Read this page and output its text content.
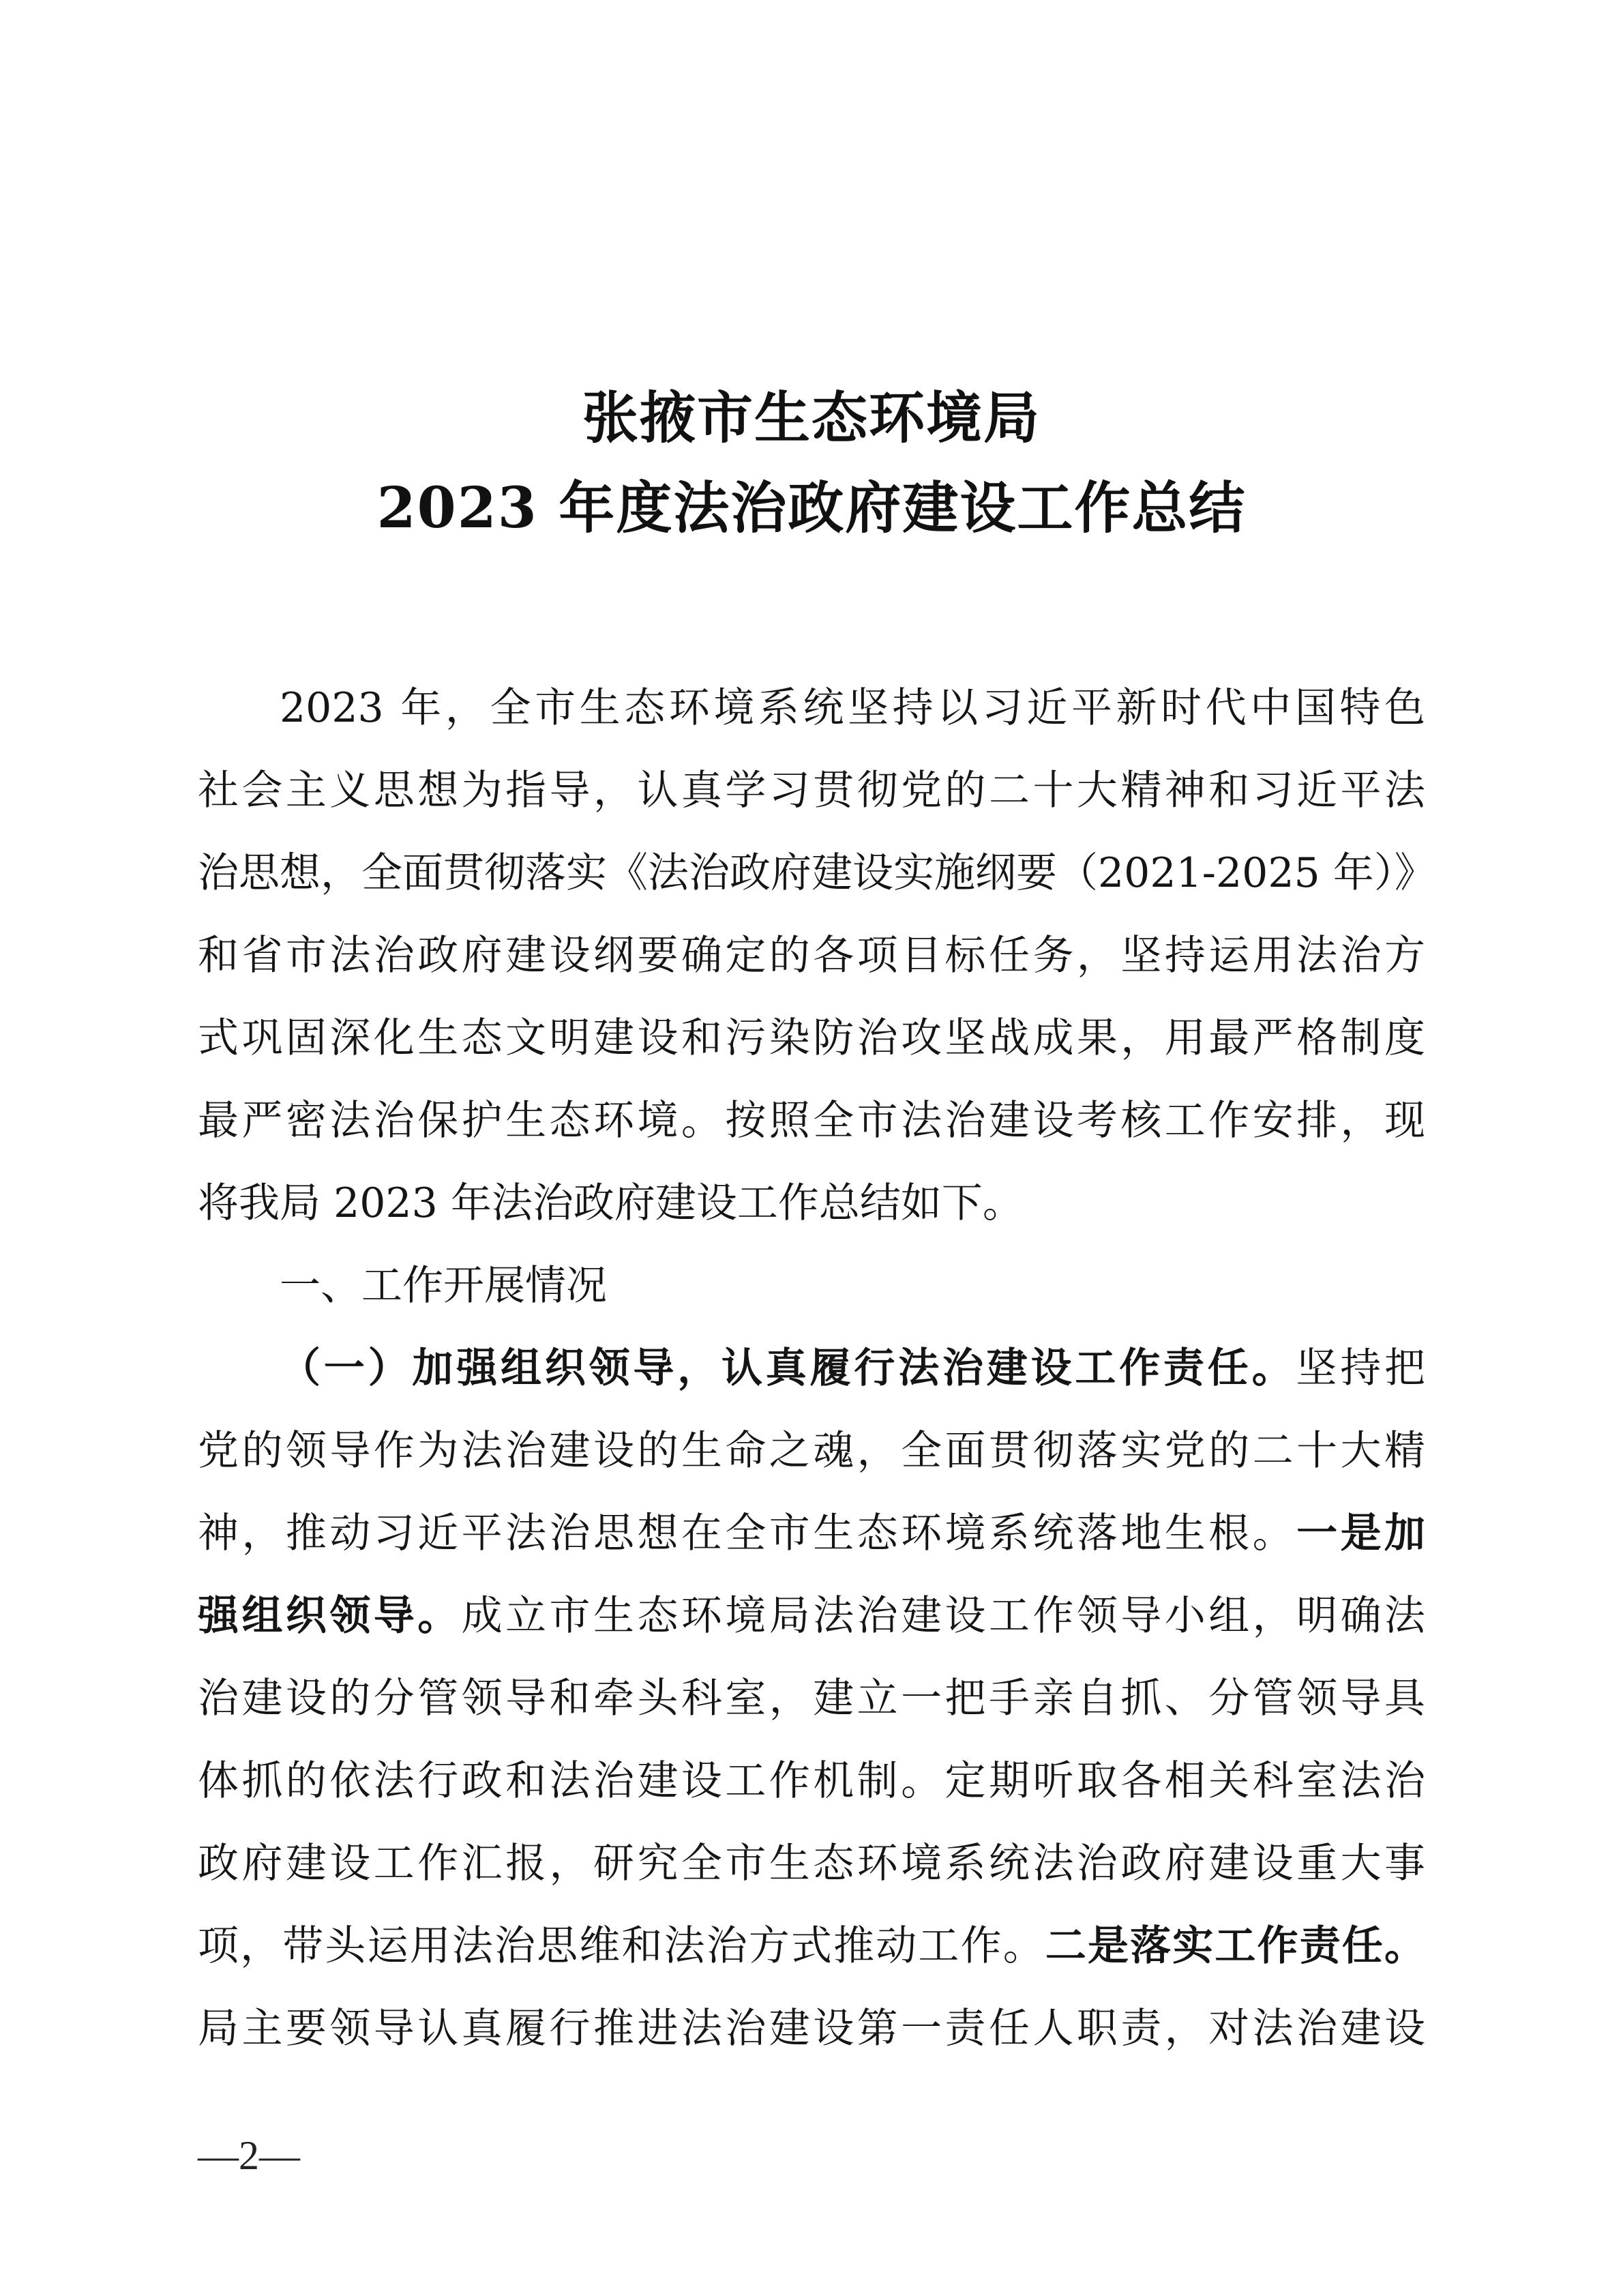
张掖市生态环境局
2023 年度法治政府建设工作总结
2023 年，全市生态环境系统坚持以习近平新时代中国特色
社会主义思想为指导，认真学习贯彻党的二十大精神和习近平法
治思想，全面贯彻落实《法治政府建设实施纲要（2021-2025 年）》
和省市法治政府建设纲要确定的各项目标任务，坚持运用法治方
式巩固深化生态文明建设和污染防治攻坚战成果，用最严格制度
最严密法治保护生态环境。按照全市法治建设考核工作安排，现
将我局 2023 年法治政府建设工作总结如下。
一、工作开展情况
（一）加强组织领导，认真履行法治建设工作责任。坚持把
党的领导作为法治建设的生命之魂，全面贯彻落实党的二十大精
神，推动习近平法治思想在全市生态环境系统落地生根。一是加
强组织领导。成立市生态环境局法治建设工作领导小组，明确法
治建设的分管领导和牵头科室，建立一把手亲自抓、分管领导具
体抓的依法行政和法治建设工作机制。定期听取各相关科室法治
政府建设工作汇报，研究全市生态环境系统法治政府建设重大事
项，带头运用法治思维和法治方式推动工作。二是落实工作责任。
局主要领导认真履行推进法治建设第一责任人职责，对法治建设
—2—
